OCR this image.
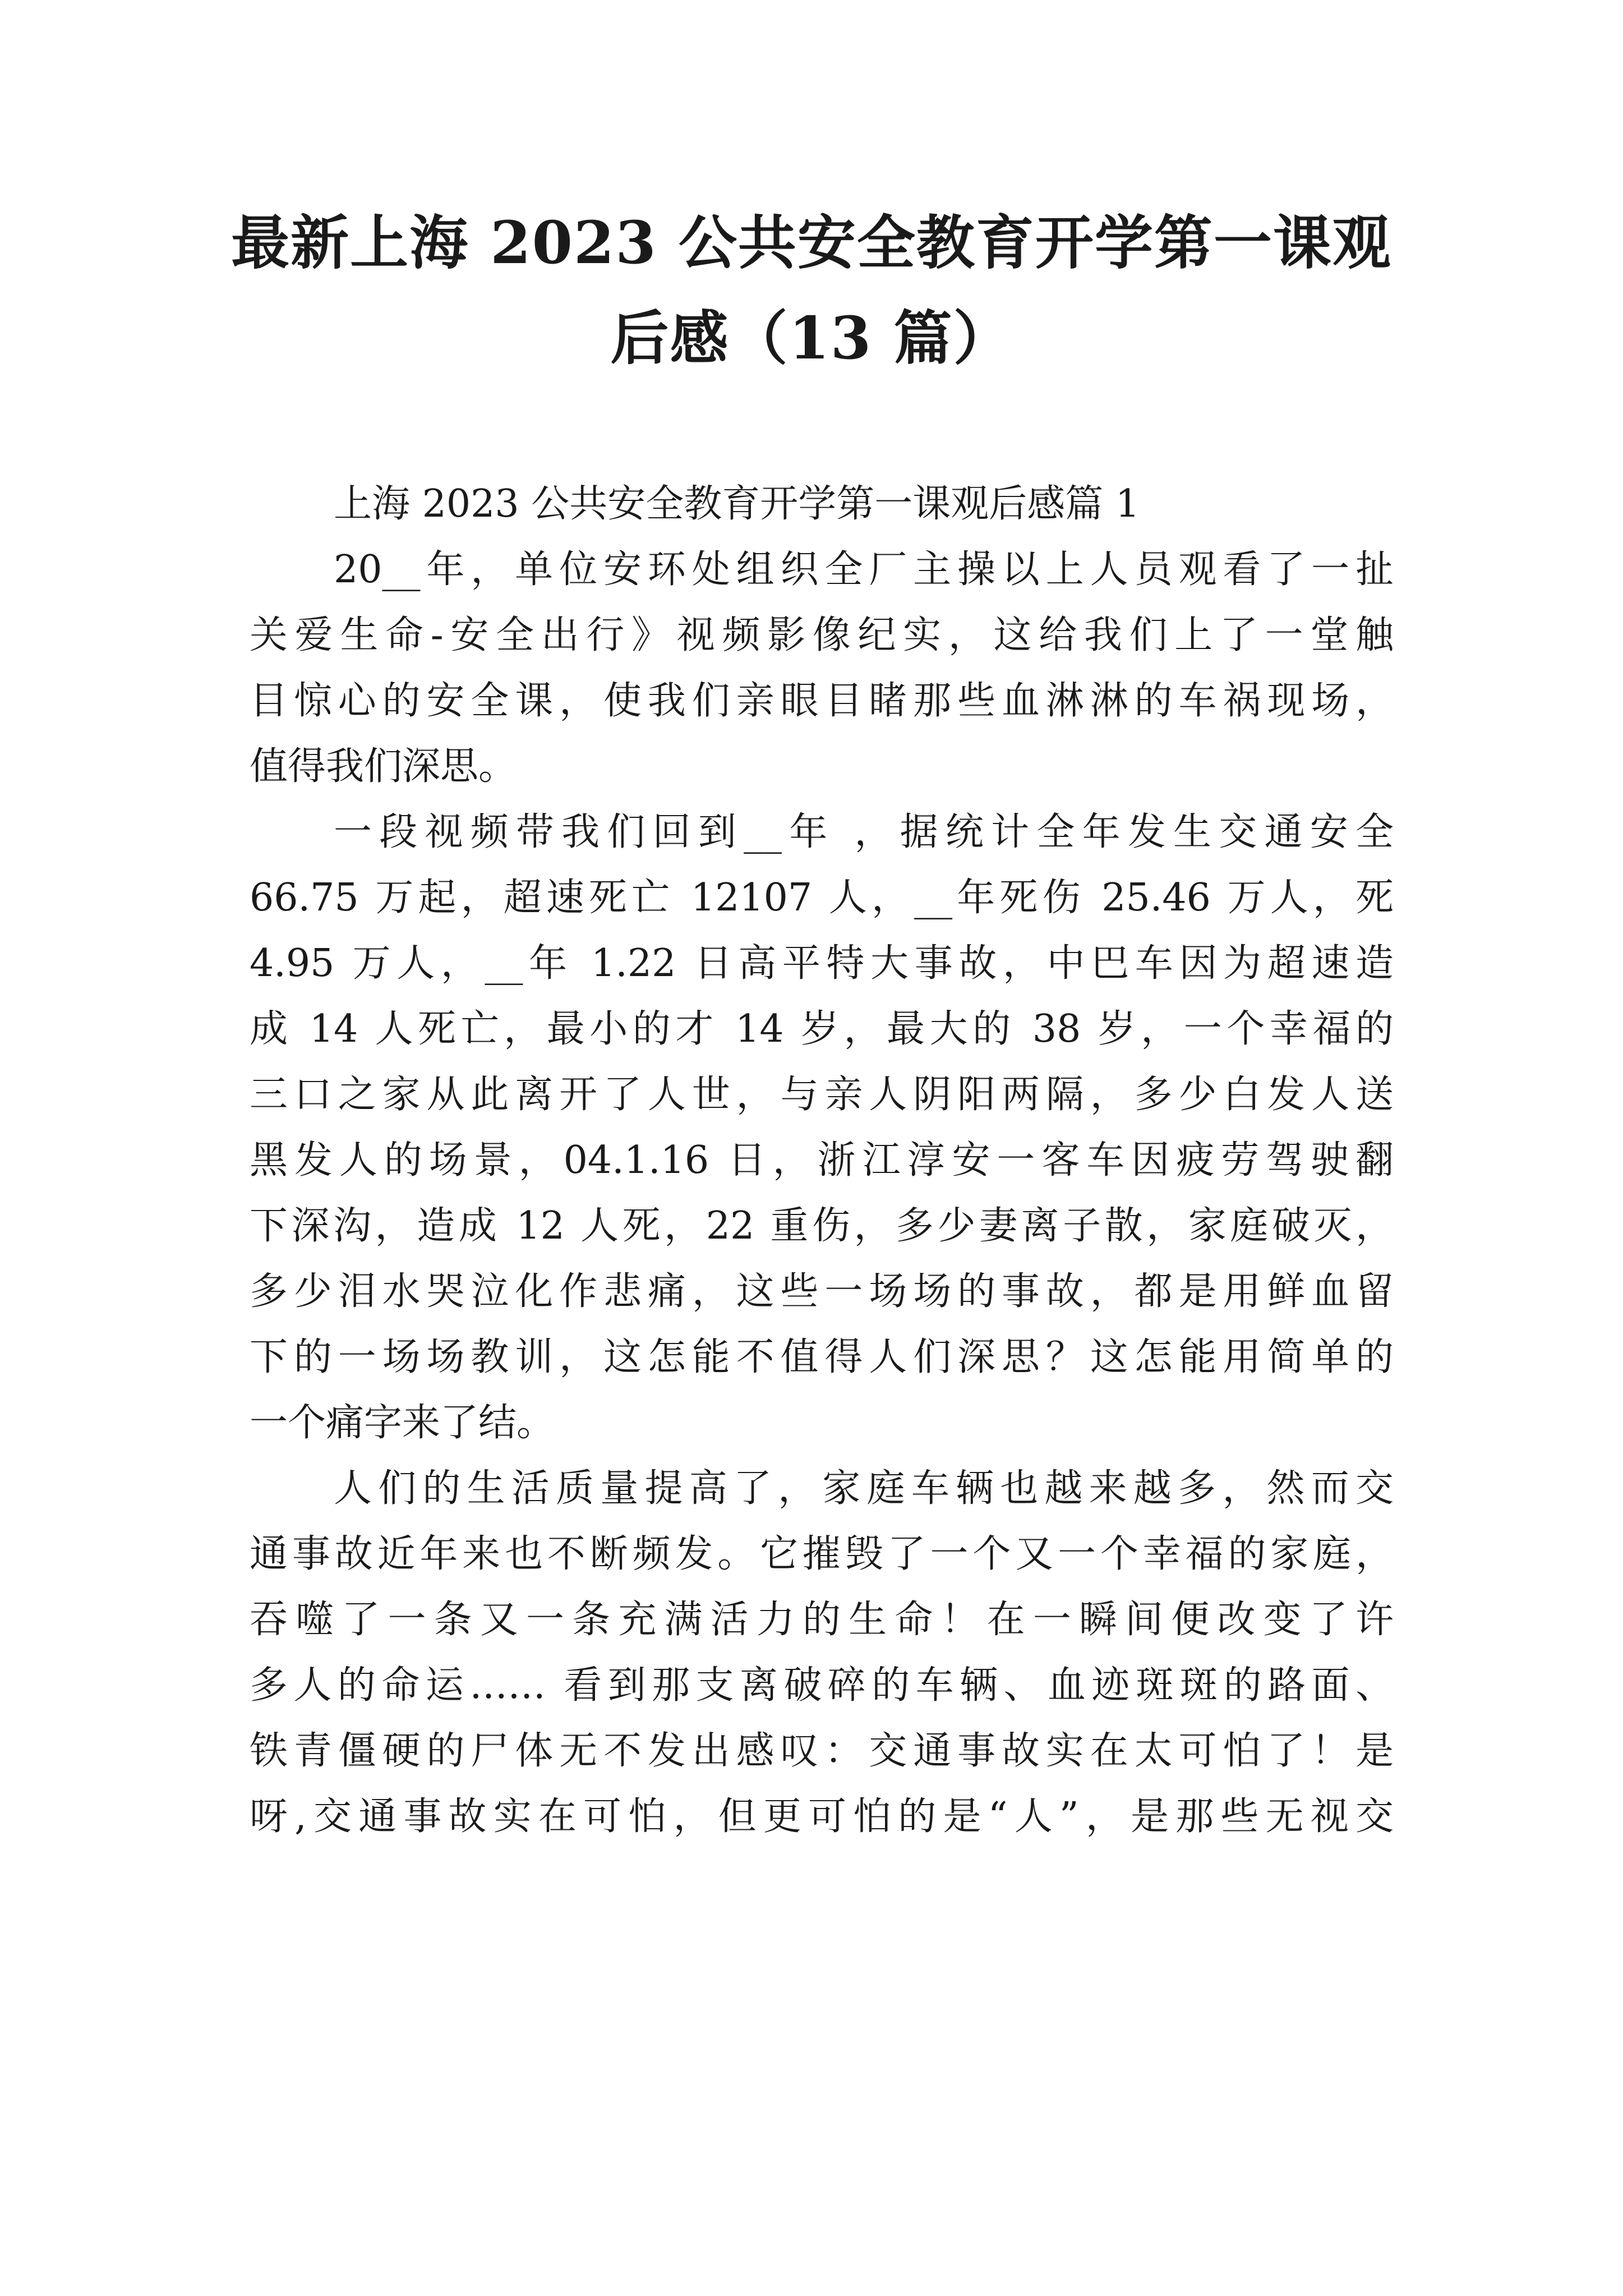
最新上海 2023 公共安全教育开学第一课观
后感（13 篇）
上海 2023 公共安全教育开学第一课观后感篇 1
20__年，单位安环处组织全厂主操以上人员观看了一扯
关爱生命-安全出行》视频影像纪实，这给我们上了一堂触
目惊心的安全课，使我们亲眼目睹那些血淋淋的车祸现场，
值得我们深思。
一段视频带我们回到__年 ，据统计全年发生交通安全
66.75 万起，超速死亡 12107 人，__年死伤 25.46 万人，死
4.95 万人，__年 1.22 日高平特大事故，中巴车因为超速造
成 14 人死亡，最小的才 14 岁，最大的 38 岁，一个幸福的
三口之家从此离开了人世，与亲人阴阳两隔，多少白发人送
黑发人的场景，04.1.16 日，浙江淳安一客车因疲劳驾驶翻
下深沟，造成 12 人死，22 重伤，多少妻离子散，家庭破灭，
多少泪水哭泣化作悲痛，这些一场场的事故，都是用鲜血留
下的一场场教训，这怎能不值得人们深思？这怎能用简单的
一个痛字来了结。
人们的生活质量提高了，家庭车辆也越来越多，然而交
通事故近年来也不断频发。它摧毁了一个又一个幸福的家庭，
吞噬了一条又一条充满活力的生命！在一瞬间便改变了许
多人的命运…… 看到那支离破碎的车辆、血迹斑斑的路面、
铁青僵硬的尸体无不发出感叹：交通事故实在太可怕了！是
呀,交通事故实在可怕，但更可怕的是“人”，是那些无视交
